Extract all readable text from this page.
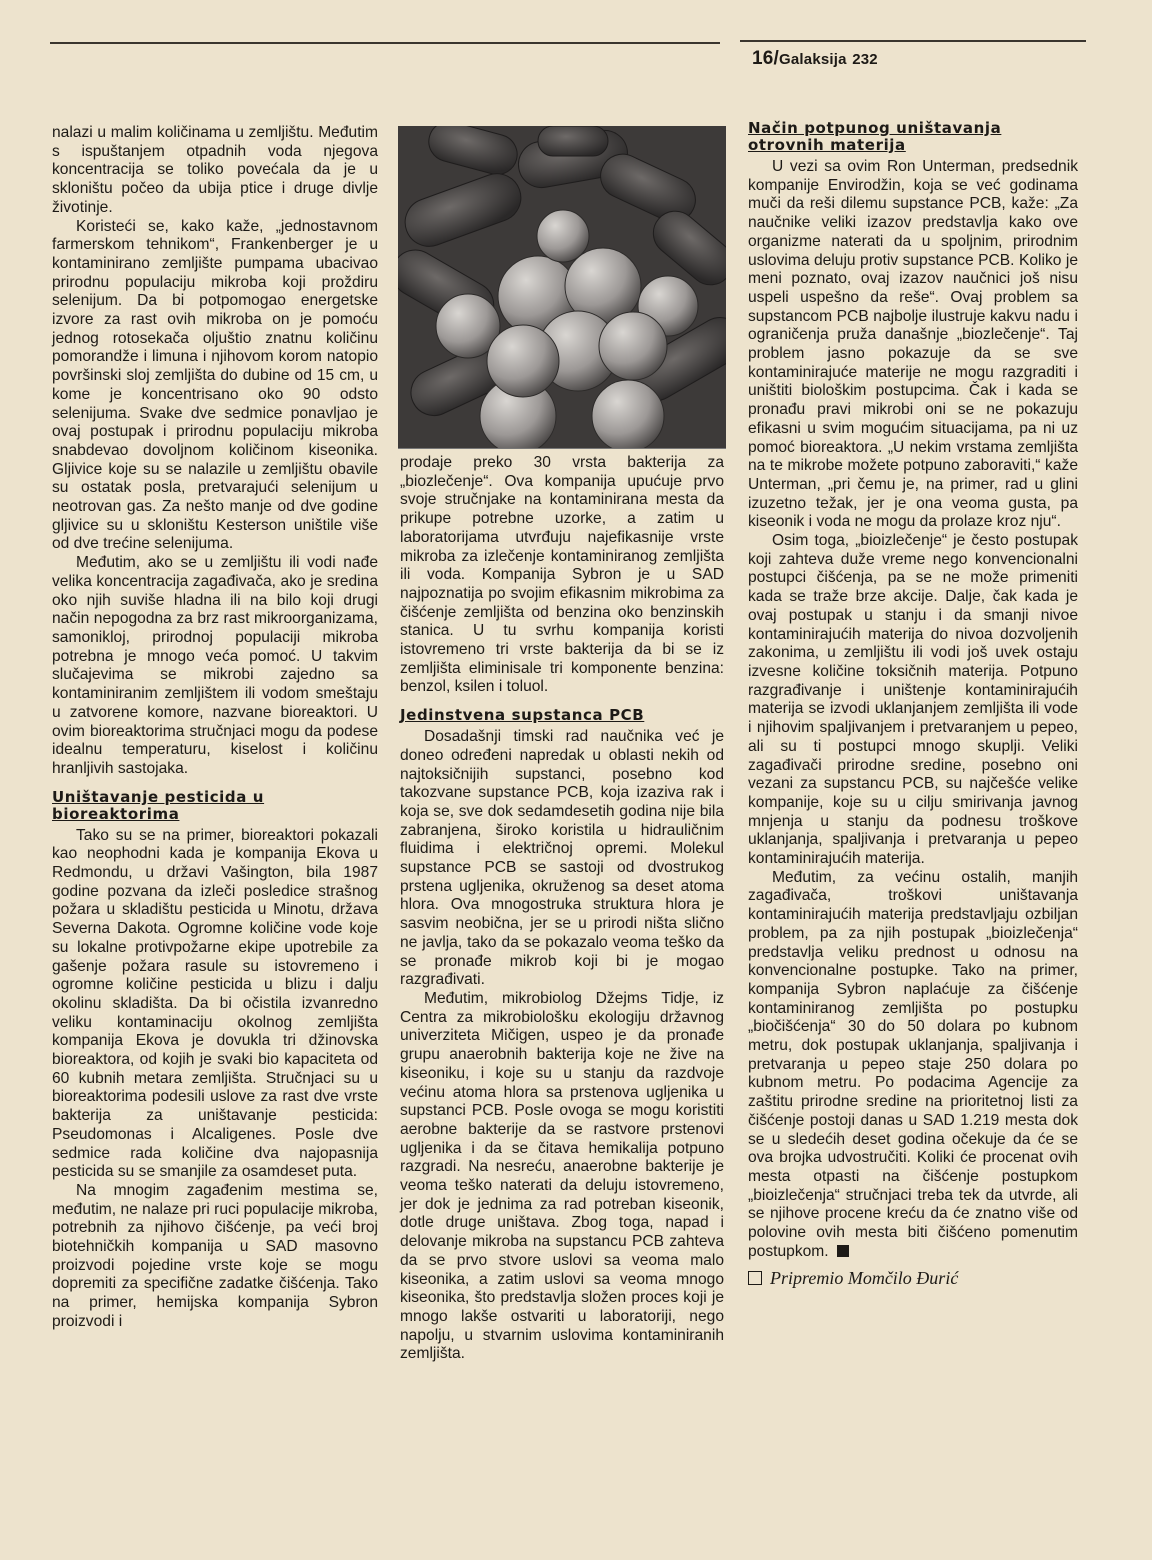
16/Galaksija 232

nalazi u malim količinama u zemljištu. Međutim s ispuštanjem otpadnih voda njegova koncentracija se toliko povećala da je u skloništu počeo da ubija ptice i druge divlje životinje.

Koristeći se, kako kaže, „jednostavnom farmerskom tehnikom“, Frankenberger je u kontaminirano zemljište pumpama ubacivao prirodnu populaciju mikroba koji proždiru selenijum. Da bi potpomogao energetske izvore za rast ovih mikroba on je pomoću jednog rotosekača oljuštio znatnu količinu pomorandže i limuna i njihovom korom natopio površinski sloj zemljišta do dubine od 15 cm, u kome je koncentrisano oko 90 odsto selenijuma. Svake dve sedmice ponavljao je ovaj postupak i prirodnu populaciju mikroba snabdevao dovoljnom količinom kiseonika. Gljivice koje su se nalazile u zemljištu obavile su ostatak posla, pretvarajući selenijum u neotrovan gas. Za nešto manje od dve godine gljivice su u skloništu Kesterson uništile više od dve trećine selenijuma.

Međutim, ako se u zemljištu ili vodi nađe velika koncentracija zagađivača, ako je sredina oko njih suviše hladna ili na bilo koji drugi način nepogodna za brz rast mikroorganizama, samonikloj, prirodnoj populaciji mikroba potrebna je mnogo veća pomoć. U takvim slučajevima se mikrobi zajedno sa kontaminiranim zemljištem ili vodom smeštaju u zatvorene komore, nazvane bioreaktori. U ovim bioreaktorima stručnjaci mogu da podese idealnu temperaturu, kiselost i količinu hranljivih sastojaka.

Uništavanje pesticida u bioreaktorima

Tako su se na primer, bioreaktori pokazali kao neophodni kada je kompanija Ekova u Redmondu, u državi Vašington, bila 1987 godine pozvana da izleči posledice strašnog požara u skladištu pesticida u Minotu, država Severna Dakota. Ogromne količine vode koje su lokalne protivpožarne ekipe upotrebile za gašenje požara rasule su istovremeno i ogromne količine pesticida u blizu i dalju okolinu skladišta. Da bi očistila izvanredno veliku kontaminaciju okolnog zemljišta kompanija Ekova je dovukla tri džinovska bioreaktora, od kojih je svaki bio kapaciteta od 60 kubnih metara zemljišta. Stručnjaci su u bioreaktorima podesili uslove za rast dve vrste bakterija za uništavanje pesticida: Pseudomonas i Alcaligenes. Posle dve sedmice rada količine dva najopasnija pesticida su se smanjile za osamdeset puta.

Na mnogim zagađenim mestima se, međutim, ne nalaze pri ruci populacije mikroba, potrebnih za njihovo čišćenje, pa veći broj biotehničkih kompanija u SAD masovno proizvodi pojedine vrste koje se mogu dopremiti za specifične zadatke čišćenja. Tako na primer, hemijska kompanija Sybron proizvodi i

prodaje preko 30 vrsta bakterija za „biozlečenje“. Ova kompanija upućuje prvo svoje stručnjake na kontaminirana mesta da prikupe potrebne uzorke, a zatim u laboratorijama utvrđuju najefikasnije vrste mikroba za izlečenje kontaminiranog zemljišta ili voda. Kompanija Sybron je u SAD najpoznatija po svojim efikasnim mikrobima za čišćenje zemljišta od benzina oko benzinskih stanica. U tu svrhu kompanija koristi istovremeno tri vrste bakterija da bi se iz zemljišta eliminisale tri komponente benzina: benzol, ksilen i toluol.

Jedinstvena supstanca PCB

Dosadašnji timski rad naučnika već je doneo određeni napredak u oblasti nekih od najtoksičnijih supstanci, posebno kod takozvane supstance PCB, koja izaziva rak i koja se, sve dok sedamdesetih godina nije bila zabranjena, široko koristila u hidrauličnim fluidima i električnoj opremi. Molekul supstance PCB se sastoji od dvostrukog prstena ugljenika, okruženog sa deset atoma hlora. Ova mnogostruka struktura hlora je sasvim neobična, jer se u prirodi ništa slično ne javlja, tako da se pokazalo veoma teško da se pronađe mikrob koji bi je mogao razgrađivati.

Međutim, mikrobiolog Džejms Tidje, iz Centra za mikrobiološku ekologiju državnog univerziteta Mičigen, uspeo je da pronađe grupu anaerobnih bakterija koje ne žive na kiseoniku, i koje su u stanju da razdvoje većinu atoma hlora sa prstenova ugljenika u supstanci PCB. Posle ovoga se mogu koristiti aerobne bakterije da se rastvore prstenovi ugljenika i da se čitava hemikalija potpuno razgradi. Na nesreću, anaerobne bakterije je veoma teško naterati da deluju istovremeno, jer dok je jednima za rad potreban kiseonik, dotle druge uništava. Zbog toga, napad i delovanje mikroba na supstancu PCB zahteva da se prvo stvore uslovi sa veoma malo kiseonika, a zatim uslovi sa veoma mnogo kiseonika, što predstavlja složen proces koji je mnogo lakše ostvariti u laboratoriji, nego napolju, u stvarnim uslovima kontaminiranih zemljišta.

Način potpunog uništavanja otrovnih materija

U vezi sa ovim Ron Unterman, predsednik kompanije Envirodžin, koja se već godinama muči da reši dilemu supstance PCB, kaže: „Za naučnike veliki izazov predstavlja kako ove organizme naterati da u spoljnim, prirodnim uslovima deluju protiv supstance PCB. Koliko je meni poznato, ovaj izazov naučnici još nisu uspeli uspešno da reše“. Ovaj problem sa supstancom PCB najbolje ilustruje kakvu nadu i ograničenja pruža današnje „biozlečenje“. Taj problem jasno pokazuje da se sve kontaminirajuće materije ne mogu razgraditi i uništiti biološkim postupcima. Čak i kada se pronađu pravi mikrobi oni se ne pokazuju efikasni u svim mogućim situacijama, pa ni uz pomoć bioreaktora. „U nekim vrstama zemljišta na te mikrobe možete potpuno zaboraviti,“ kaže Unterman, „pri čemu je, na primer, rad u glini izuzetno težak, jer je ona veoma gusta, pa kiseonik i voda ne mogu da prolaze kroz nju“.

Osim toga, „bioizlečenje“ je često postupak koji zahteva duže vreme nego konvencionalni postupci čišćenja, pa se ne može primeniti kada se traže brze akcije. Dalje, čak kada je ovaj postupak u stanju i da smanji nivoe kontaminirajućih materija do nivoa dozvoljenih zakonima, u zemljištu ili vodi još uvek ostaju izvesne količine toksičnih materija. Potpuno razgrađivanje i uništenje kontaminirajućih materija se izvodi uklanjanjem zemljišta ili vode i njihovim spaljivanjem i pretvaranjem u pepeo, ali su ti postupci mnogo skuplji. Veliki zagađivači prirodne sredine, posebno oni vezani za supstancu PCB, su najčešće velike kompanije, koje su u cilju smirivanja javnog mnjenja u stanju da podnesu troškove uklanjanja, spaljivanja i pretvaranja u pepeo kontaminirajućih materija.

Međutim, za većinu ostalih, manjih zagađivača, troškovi uništavanja kontaminirajućih materija predstavljaju ozbiljan problem, pa za njih postupak „bioizlečenja“ predstavlja veliku prednost u odnosu na konvencionalne postupke. Tako na primer, kompanija Sybron naplaćuje za čišćenje kontaminiranog zemljišta po postupku „biočišćenja“ 30 do 50 dolara po kubnom metru, dok postupak uklanjanja, spaljivanja i pretvaranja u pepeo staje 250 dolara po kubnom metru. Po podacima Agencije za zaštitu prirodne sredine na prioritetnoj listi za čišćenje postoji danas u SAD 1.219 mesta dok se u sledećih deset godina očekuje da će se ova brojka udvostručiti. Koliki će procenat ovih mesta otpasti na čišćenje postupkom „bioizlečenja“ stručnjaci treba tek da utvrde, ali se njihove procene kreću da će znatno više od polovine ovih mesta biti čišćeno pomenutim postupkom.

Pripremio Momčilo Đurić
